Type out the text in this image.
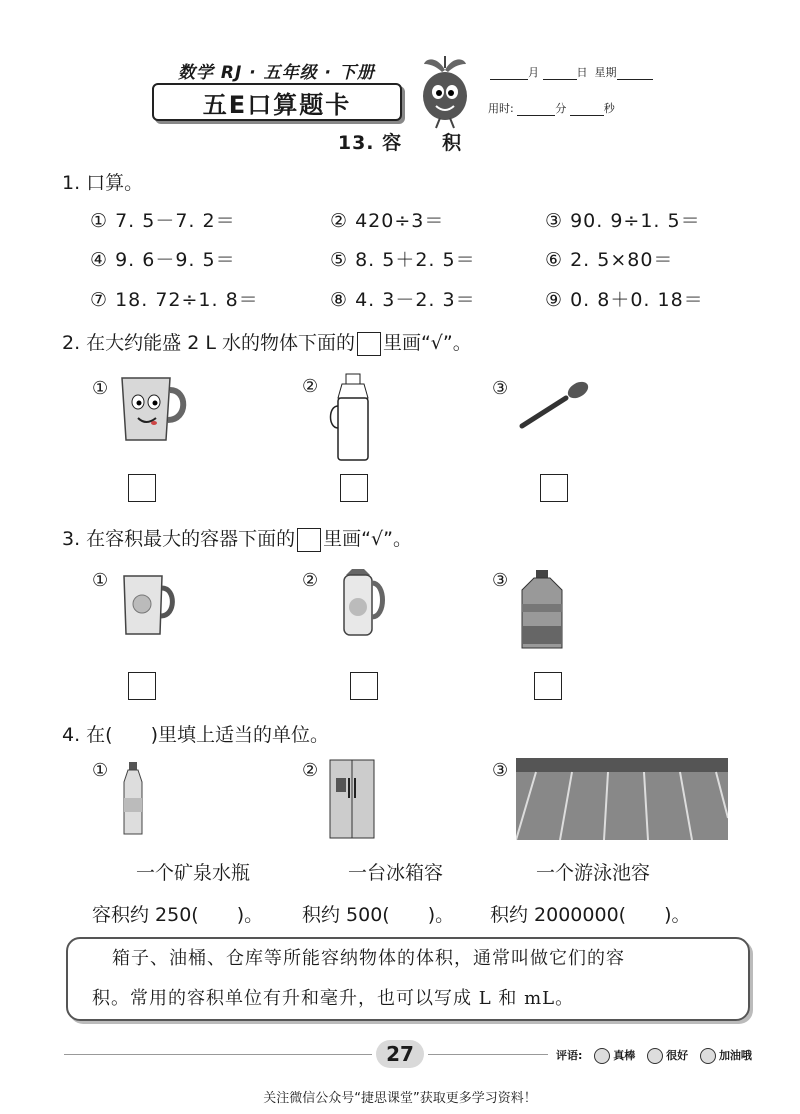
数学 RJ · 五年级 · 下册
五E口算题卡
月	日 星期
用时:	分	秒
13. 容　　积
1. 口算。
① 7. 5－7. 2＝	② 420÷3＝	③ 90. 9÷1. 5＝
④ 9. 6－9. 5＝	⑤ 8. 5＋2. 5＝	⑥ 2. 5×80＝
⑦ 18. 72÷1. 8＝	⑧ 4. 3－2. 3＝	⑨ 0. 8＋0. 18＝
2. 在大约能盛 2 L 水的物体下面的 里画“√”。
①	②	③
3. 在容积最大的容器下面的 里画“√”。
①	②	③
4. 在(　　)里填上适当的单位。
①	②	③
一个矿泉水瓶	一台冰箱容	一个游泳池容
容积约 250(　　)。 积约 500(　　)。 积约 2000000(　　)。
箱子、油桶、仓库等所能容纳物体的体积，通常叫做它们的容
积。常用的容积单位有升和毫升，也可以写成 L 和 mL。
27	评语:	真棒	很好	加油哦
关注微信公众号“捷思课堂”获取更多学习资料！
